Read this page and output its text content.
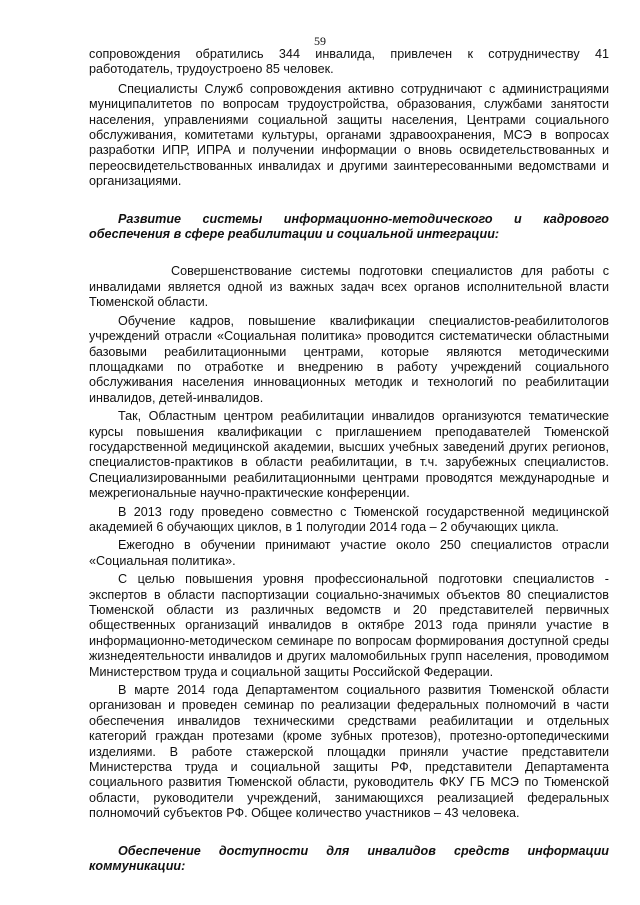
59

сопровождения обратились 344 инвалида, привлечен к сотрудничеству 41 работодатель, трудоустроено 85 человек.

Специалисты Служб сопровождения активно сотрудничают с администрациями муниципалитетов по вопросам трудоустройства, образования, службами занятости населения, управлениями социальной защиты населения, Центрами социального обслуживания, комитетами культуры, органами здравоохранения, МСЭ в вопросах разработки ИПР, ИПРА и получении информации о вновь освидетельствованных и переосвидетельствованных инвалидах и другими заинтересованными ведомствами и организациями.

Развитие системы информационно-методического и кадрового обеспечения в сфере реабилитации и социальной интеграции:

Совершенствование системы подготовки специалистов для работы с инвалидами является одной из важных задач всех органов исполнительной власти Тюменской области.

Обучение кадров, повышение квалификации специалистов-реабилитологов учреждений отрасли «Социальная политика» проводится систематически областными базовыми реабилитационными центрами, которые являются методическими площадками по отработке и внедрению в работу учреждений социального обслуживания населения инновационных методик и технологий по реабилитации инвалидов, детей-инвалидов.

Так, Областным центром реабилитации инвалидов организуются тематические курсы повышения квалификации с приглашением преподавателей Тюменской государственной медицинской академии, высших учебных заведений других регионов, специалистов-практиков в области реабилитации, в т.ч. зарубежных специалистов. Специализированными реабилитационными центрами проводятся международные и межрегиональные научно-практические конференции.

В 2013 году проведено совместно с Тюменской государственной медицинской академией 6 обучающих циклов, в 1 полугодии 2014 года – 2 обучающих цикла.

Ежегодно в обучении принимают участие около 250 специалистов отрасли «Социальная политика».

С целью повышения уровня профессиональной подготовки специалистов - экспертов в области паспортизации социально-значимых объектов 80 специалистов Тюменской области из различных ведомств и 20 представителей первичных общественных организаций инвалидов в октябре 2013 года приняли участие в информационно-методическом семинаре по вопросам формирования доступной среды жизнедеятельности инвалидов и других маломобильных групп населения, проводимом Министерством труда и социальной защиты Российской Федерации.

В марте 2014 года Департаментом социального развития Тюменской области организован и проведен семинар по реализации федеральных полномочий в части обеспечения инвалидов техническими средствами реабилитации и отдельных категорий граждан протезами (кроме зубных протезов), протезно-ортопедическими изделиями. В работе стажерской площадки приняли участие представители Министерства труда и социальной защиты РФ, представители Департамента социального развития Тюменской области, руководитель ФКУ ГБ МСЭ по Тюменской области, руководители учреждений, занимающихся реализацией федеральных полномочий субъектов РФ. Общее количество участников – 43 человека.

Обеспечение доступности для инвалидов средств информации коммуникации:
